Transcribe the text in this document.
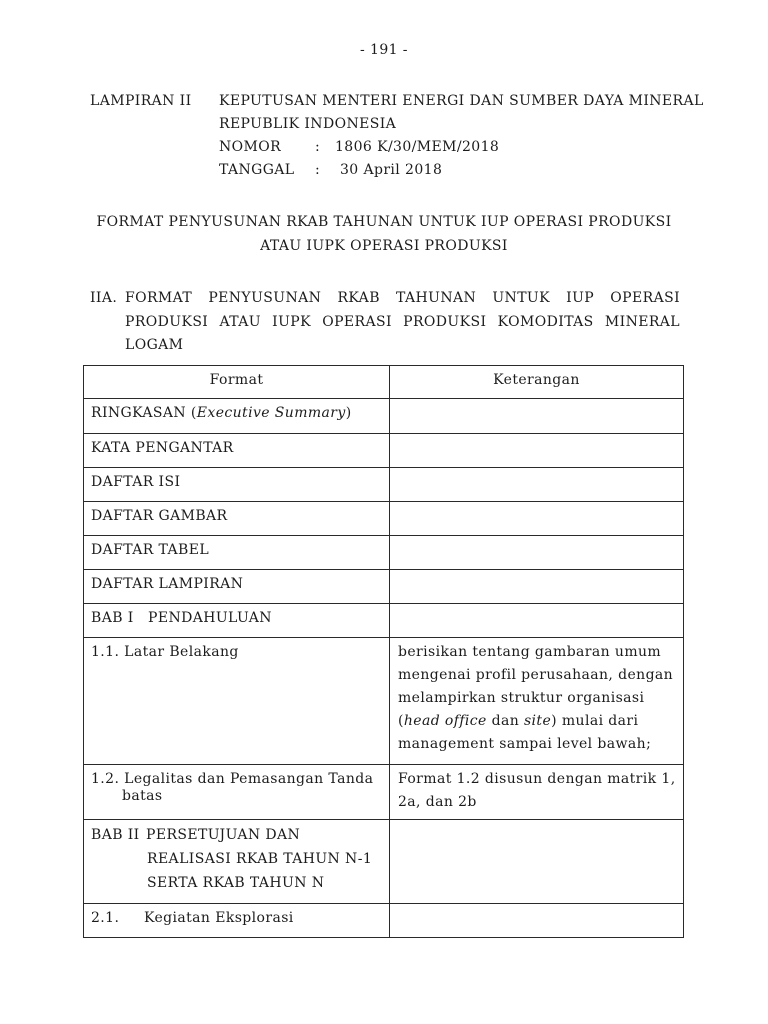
- 191 -
LAMPIRAN II KEPUTUSAN MENTERI ENERGI DAN SUMBER DAYA MINERAL
REPUBLIK INDONESIA
NOMOR : 1806 K/30/MEM/2018
TANGGAL : 30 April 2018
FORMAT PENYUSUNAN RKAB TAHUNAN UNTUK IUP OPERASI PRODUKSI
ATAU IUPK OPERASI PRODUKSI
IIA. FORMAT PENYUSUNAN RKAB TAHUNAN UNTUK IUP OPERASI
PRODUKSI ATAU IUPK OPERASI PRODUKSI KOMODITAS MINERAL
LOGAM
Format	Keterangan
RINGKASAN (Executive Summary)	
KATA PENGANTAR	
DAFTAR ISI	
DAFTAR GAMBAR	
DAFTAR TABEL	
DAFTAR LAMPIRAN	
BAB I PENDAHULUAN	
1.1. Latar Belakang	berisikan tentang gambaran umum
mengenai profil perusahaan, dengan
melampirkan struktur organisasi
(head office dan site) mulai dari
management sampai level bawah;

1.2. Legalitas dan Pemasangan Tanda
batas	Format 1.2 disusun dengan matrik 1,
2a, dan 2b

BAB II PERSETUJUAN DAN
REALISASI RKAB TAHUN N-1
SERTA RKAB TAHUN N	

2.1. Kegiatan Eksplorasi	
